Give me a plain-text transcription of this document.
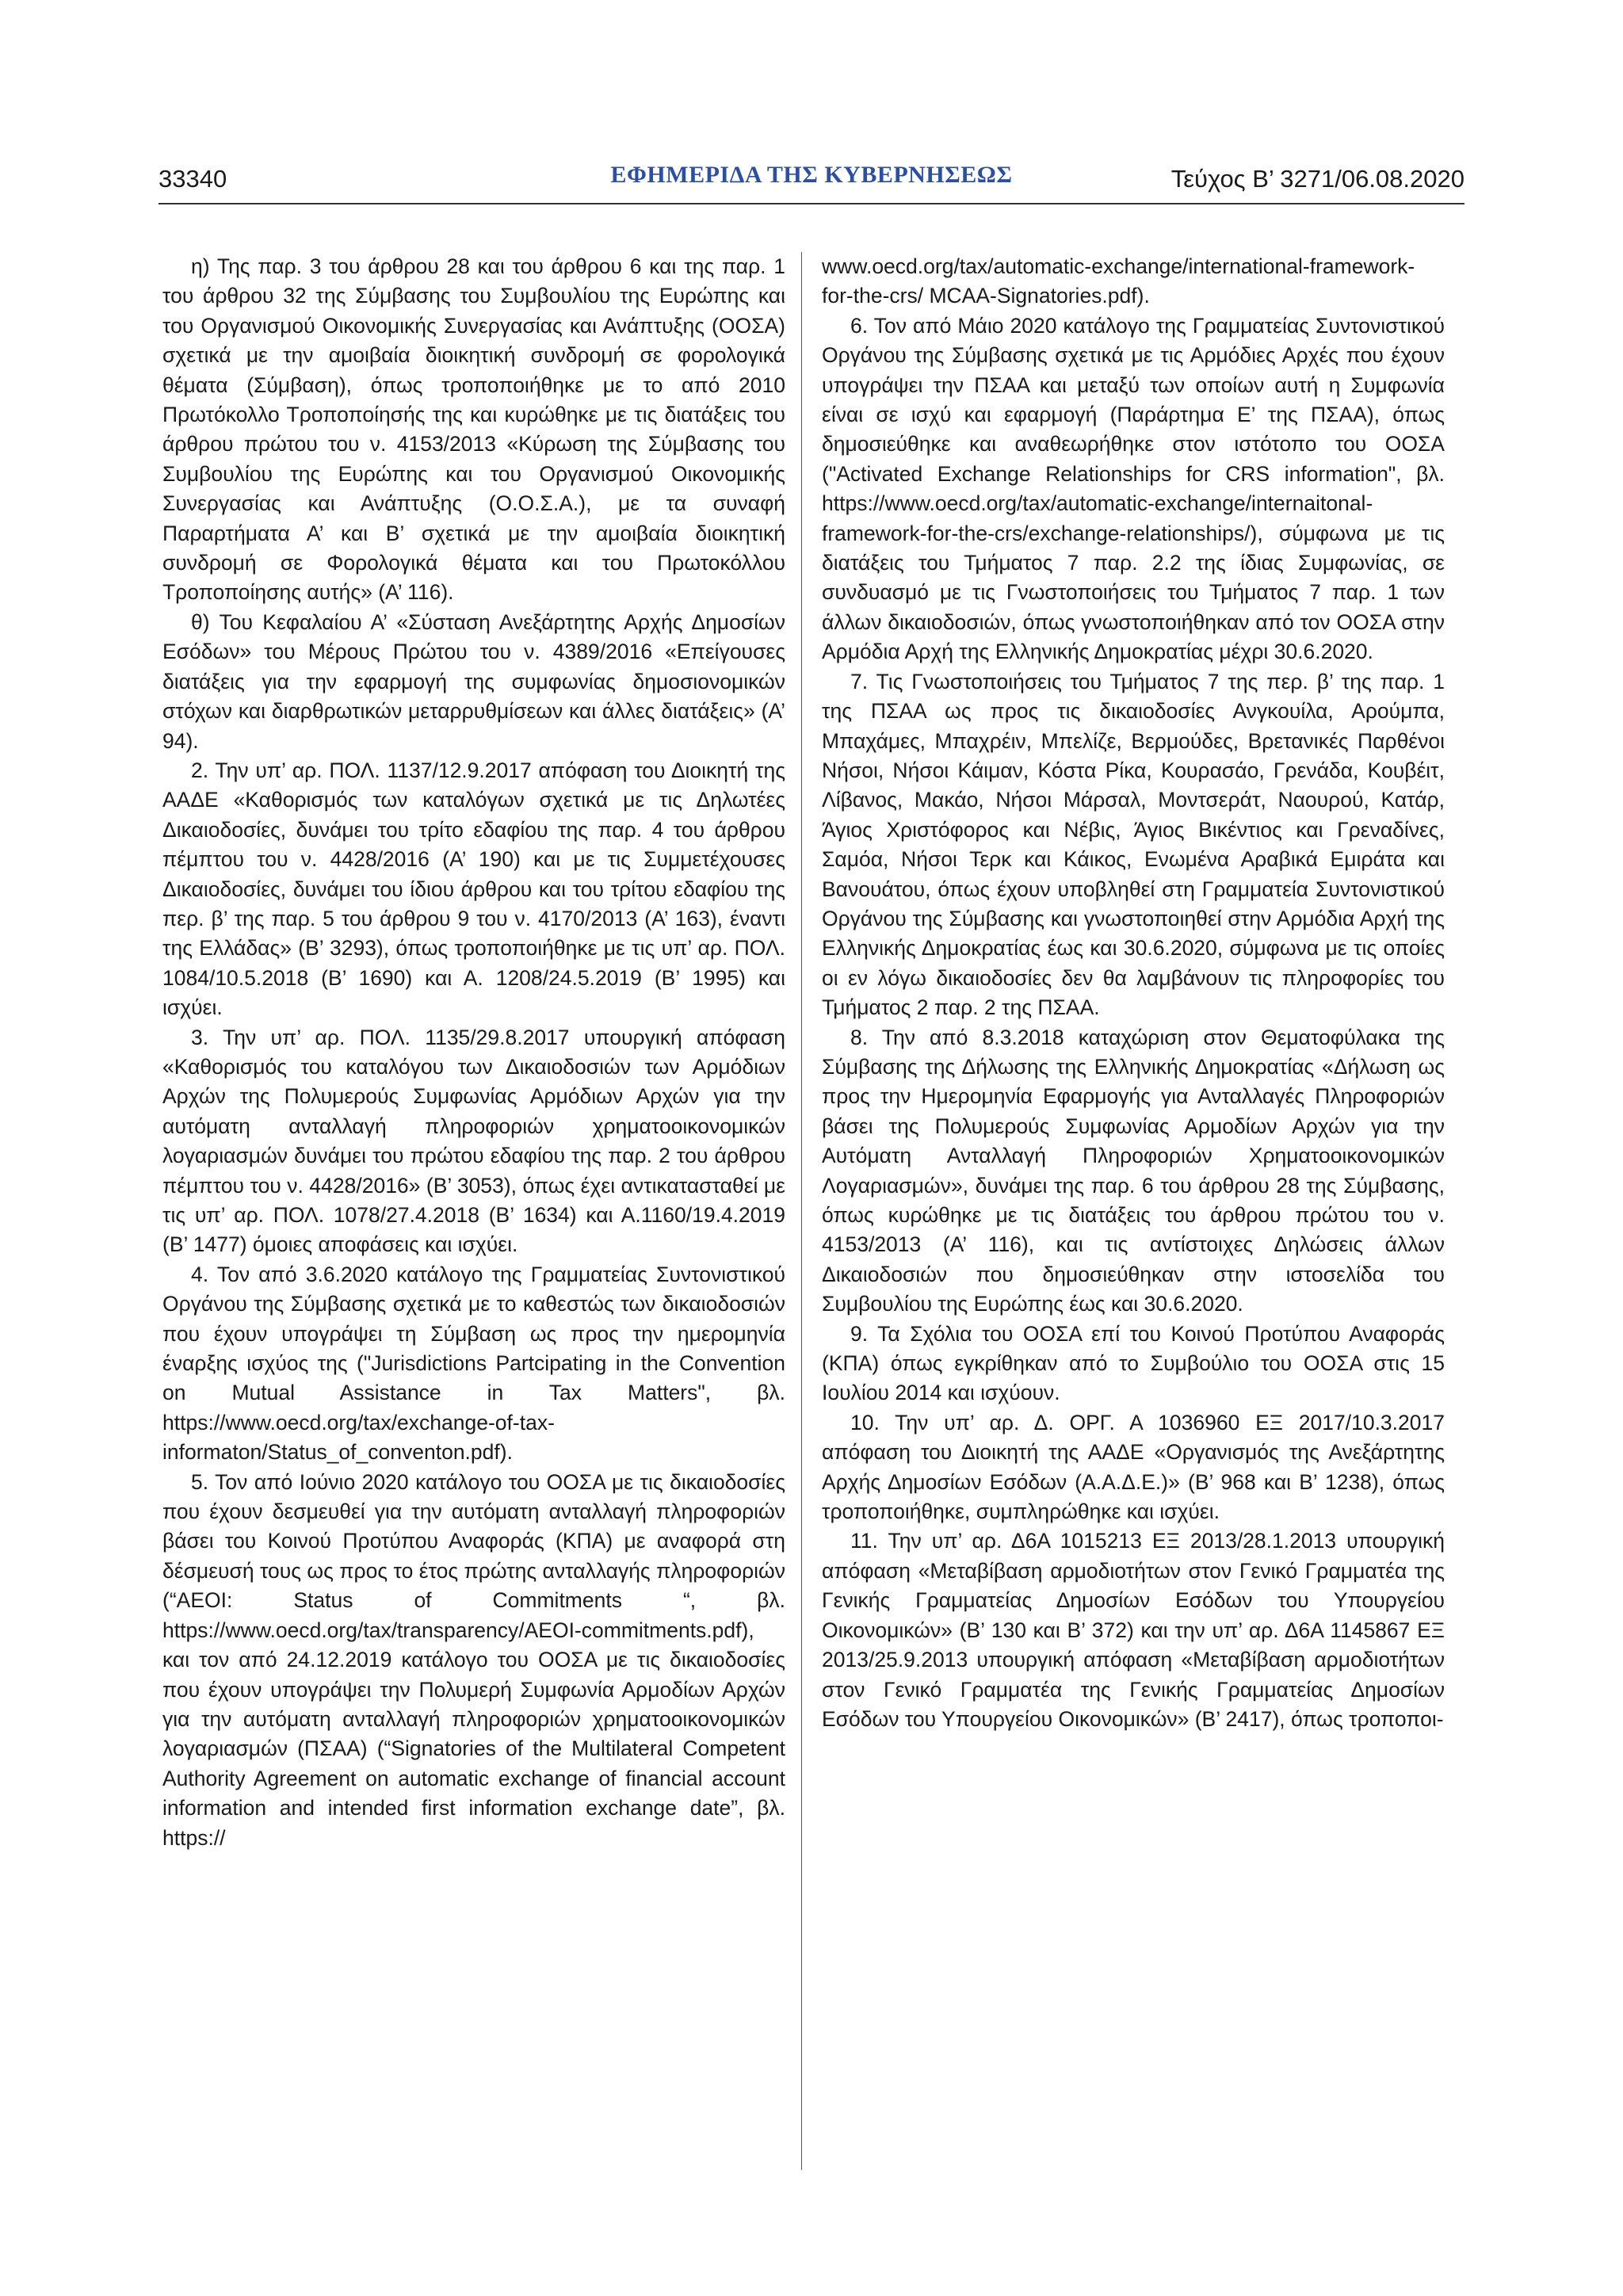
33340	ΕΦΗΜΕΡΙΔΑ ΤΗΣ ΚΥΒΕΡΝΗΣΕΩΣ	Τεύχος Β’ 3271/06.08.2020

η) Της παρ. 3 του άρθρου 28 και του άρθρου 6 και της παρ. 1 του άρθρου 32 της Σύμβασης του Συμβουλίου της Ευρώπης και του Οργανισμού Οικονομικής Συνεργασίας και Ανάπτυξης (ΟΟΣΑ) σχετικά με την αμοιβαία διοικητική συνδρομή σε φορολογικά θέματα (Σύμβαση), όπως τροποποιήθηκε με το από 2010 Πρωτόκολλο Τροποποίησής της και κυρώθηκε με τις διατάξεις του άρθρου πρώτου του ν. 4153/2013 «Κύρωση της Σύμβασης του Συμβουλίου της Ευρώπης και του Οργανισμού Οικονομικής Συνεργασίας και Ανάπτυξης (Ο.Ο.Σ.Α.), με τα συναφή Παραρτήματα Α’ και Β’ σχετικά με την αμοιβαία διοικητική συνδρομή σε Φορολογικά θέματα και του Πρωτοκόλλου Τροποποίησης αυτής» (Α’ 116).

θ) Του Κεφαλαίου Α’ «Σύσταση Ανεξάρτητης Αρχής Δημοσίων Εσόδων» του Μέρους Πρώτου του ν. 4389/2016 «Επείγουσες διατάξεις για την εφαρμογή της συμφωνίας δημοσιονομικών στόχων και διαρθρωτικών μεταρρυθμίσεων και άλλες διατάξεις» (Α’ 94).

2. Την υπ’ αρ. ΠΟΛ. 1137/12.9.2017 απόφαση του Διοικητή της ΑΑΔΕ «Καθορισμός των καταλόγων σχετικά με τις Δηλωτέες Δικαιοδοσίες, δυνάμει του τρίτο εδαφίου της παρ. 4 του άρθρου πέμπτου του ν. 4428/2016 (Α’ 190) και με τις Συμμετέχουσες Δικαιοδοσίες, δυνάμει του ίδιου άρθρου και του τρίτου εδαφίου της περ. β’ της παρ. 5 του άρθρου 9 του ν. 4170/2013 (Α’ 163), έναντι της Ελλάδας» (Β’ 3293), όπως τροποποιήθηκε με τις υπ’ αρ. ΠΟΛ. 1084/10.5.2018 (Β’ 1690) και Α. 1208/24.5.2019 (Β’ 1995) και ισχύει.

3. Την υπ’ αρ. ΠΟΛ. 1135/29.8.2017 υπουργική απόφαση «Καθορισμός του καταλόγου των Δικαιοδοσιών των Αρμόδιων Αρχών της Πολυμερούς Συμφωνίας Αρμόδιων Αρχών για την αυτόματη ανταλλαγή πληροφοριών χρηματοοικονομικών λογαριασμών δυνάμει του πρώτου εδαφίου της παρ. 2 του άρθρου πέμπτου του ν. 4428/2016» (Β’ 3053), όπως έχει αντικατασταθεί με τις υπ’ αρ. ΠΟΛ. 1078/27.4.2018 (Β’ 1634) και Α.1160/19.4.2019 (Β’ 1477) όμοιες αποφάσεις και ισχύει.

4. Τον από 3.6.2020 κατάλογο της Γραμματείας Συντονιστικού Οργάνου της Σύμβασης σχετικά με το καθεστώς των δικαιοδοσιών που έχουν υπογράψει τη Σύμβαση ως προς την ημερομηνία έναρξης ισχύος της ("Jurisdictions Partcipating in the Convention on Mutual Assistance in Tax Matters", βλ. https://www.oecd.org/tax/exchange-of-tax- informaton/Status_of_conventon.pdf).

5. Τον από Ιούνιο 2020 κατάλογο του ΟΟΣΑ με τις δικαιοδοσίες που έχουν δεσμευθεί για την αυτόματη ανταλλαγή πληροφοριών βάσει του Κοινού Προτύπου Αναφοράς (ΚΠΑ) με αναφορά στη δέσμευσή τους ως προς το έτος πρώτης ανταλλαγής πληροφοριών (“AEOI: Status of Commitments “, βλ. https://www.oecd.org/tax/transparency/AEOI-commitments.pdf), και τον από 24.12.2019 κατάλογο του ΟΟΣΑ με τις δικαιοδοσίες που έχουν υπογράψει την Πολυμερή Συμφωνία Αρμοδίων Αρχών για την αυτόματη ανταλλαγή πληροφοριών χρηματοοικονομικών λογαριασμών (ΠΣΑΑ) (“Signatories of the Multilateral Competent Authority Agreement on automatic exchange of financial account information and intended first information exchange date”, βλ. https://

www.oecd.org/tax/automatic-exchange/international-framework-for-the-crs/ MCAA-Signatories.pdf).

6. Τον από Μάιο 2020 κατάλογο της Γραμματείας Συντονιστικού Οργάνου της Σύμβασης σχετικά με τις Αρμόδιες Αρχές που έχουν υπογράψει την ΠΣΑΑ και μεταξύ των οποίων αυτή η Συμφωνία είναι σε ισχύ και εφαρμογή (Παράρτημα Ε’ της ΠΣΑΑ), όπως δημοσιεύθηκε και αναθεωρήθηκε στον ιστότοπο του ΟΟΣΑ ("Activated Exchange Relationships for CRS information", βλ. https://www.oecd.org/tax/automatic-exchange/internaitonal-framework-for-the-crs/exchange-relationships/), σύμφωνα με τις διατάξεις του Τμήματος 7 παρ. 2.2 της ίδιας Συμφωνίας, σε συνδυασμό με τις Γνωστοποιήσεις του Τμήματος 7 παρ. 1 των άλλων δικαιοδοσιών, όπως γνωστοποιήθηκαν από τον ΟΟΣΑ στην Αρμόδια Αρχή της Ελληνικής Δημοκρατίας μέχρι 30.6.2020.

7. Τις Γνωστοποιήσεις του Τμήματος 7 της περ. β’ της παρ. 1 της ΠΣΑΑ ως προς τις δικαιοδοσίες Ανγκουίλα, Αρούμπα, Μπαχάμες, Μπαχρέιν, Μπελίζε, Βερμούδες, Βρετανικές Παρθένοι Νήσοι, Νήσοι Κάιμαν, Κόστα Ρίκα, Κουρασάο, Γρενάδα, Κουβέιτ, Λίβανος, Μακάο, Νήσοι Μάρσαλ, Μοντσεράτ, Ναουρού, Κατάρ, Άγιος Χριστόφορος και Νέβις, Άγιος Βικέντιος και Γρεναδίνες, Σαμόα, Νήσοι Τερκ και Κάικος, Ενωμένα Αραβικά Εμιράτα και Βανουάτου, όπως έχουν υποβληθεί στη Γραμματεία Συντονιστικού Οργάνου της Σύμβασης και γνωστοποιηθεί στην Αρμόδια Αρχή της Ελληνικής Δημοκρατίας έως και 30.6.2020, σύμφωνα με τις οποίες οι εν λόγω δικαιοδοσίες δεν θα λαμβάνουν τις πληροφορίες του Τμήματος 2 παρ. 2 της ΠΣΑΑ.

8. Την από 8.3.2018 καταχώριση στον Θεματοφύλακα της Σύμβασης της Δήλωσης της Ελληνικής Δημοκρατίας «Δήλωση ως προς την Ημερομηνία Εφαρμογής για Ανταλλαγές Πληροφοριών βάσει της Πολυμερούς Συμφωνίας Αρμοδίων Αρχών για την Αυτόματη Ανταλλαγή Πληροφοριών Χρηματοοικονομικών Λογαριασμών», δυνάμει της παρ. 6 του άρθρου 28 της Σύμβασης, όπως κυρώθηκε με τις διατάξεις του άρθρου πρώτου του ν. 4153/2013 (Α’ 116), και τις αντίστοιχες Δηλώσεις άλλων Δικαιοδοσιών που δημοσιεύθηκαν στην ιστοσελίδα του Συμβουλίου της Ευρώπης έως και 30.6.2020.

9. Τα Σχόλια του ΟΟΣΑ επί του Κοινού Προτύπου Αναφοράς (ΚΠΑ) όπως εγκρίθηκαν από το Συμβούλιο του ΟΟΣΑ στις 15 Ιουλίου 2014 και ισχύουν.

10. Την υπ’ αρ. Δ. ΟΡΓ. Α 1036960 ΕΞ 2017/10.3.2017 απόφαση του Διοικητή της ΑΑΔΕ «Οργανισμός της Ανεξάρτητης Αρχής Δημοσίων Εσόδων (Α.Α.Δ.Ε.)» (Β’ 968 και Β’ 1238), όπως τροποποιήθηκε, συμπληρώθηκε και ισχύει.

11. Την υπ’ αρ. Δ6Α 1015213 ΕΞ 2013/28.1.2013 υπουργική απόφαση «Μεταβίβαση αρμοδιοτήτων στον Γενικό Γραμματέα της Γενικής Γραμματείας Δημοσίων Εσόδων του Υπουργείου Οικονομικών» (Β’ 130 και Β’ 372) και την υπ’ αρ. Δ6Α 1145867 ΕΞ 2013/25.9.2013 υπουργική απόφαση «Μεταβίβαση αρμοδιοτήτων στον Γενικό Γραμματέα της Γενικής Γραμματείας Δημοσίων Εσόδων του Υπουργείου Οικονομικών» (Β’ 2417), όπως τροποποι-
